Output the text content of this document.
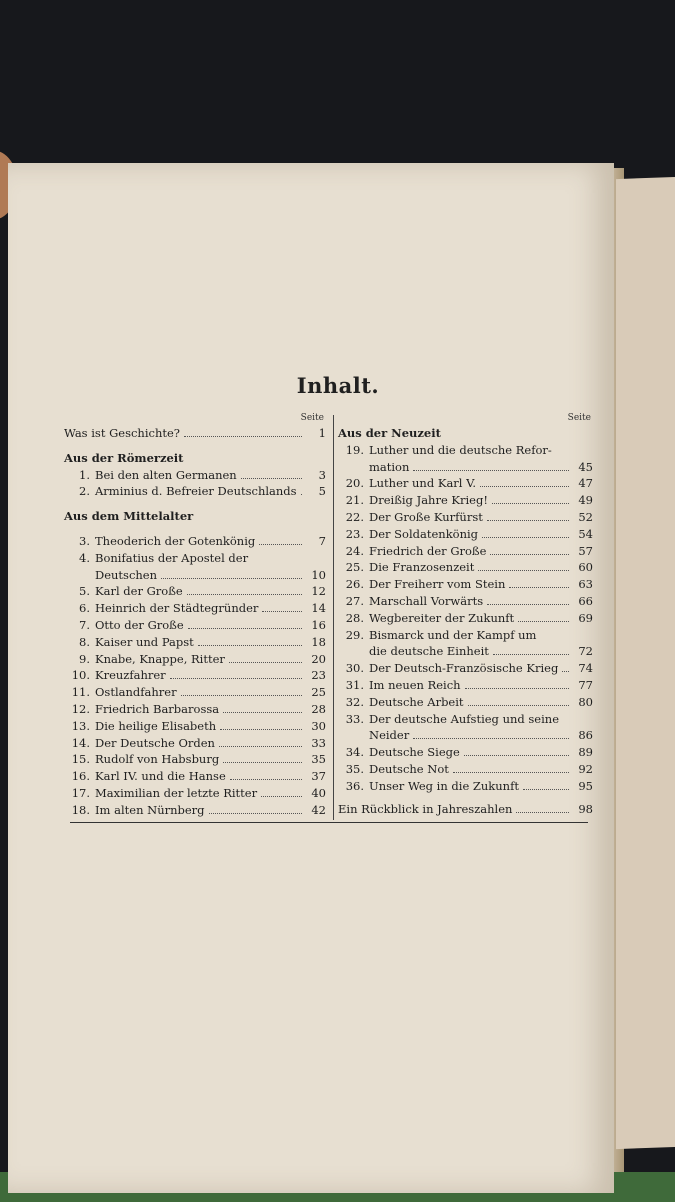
Inhalt.
Seite
Was ist Geschichte?	1
Aus der Römerzeit
1. Bei den alten Germanen	3
2. Arminius d. Befreier Deutschlands	5
Aus dem Mittelalter
3. Theoderich der Gotenkönig	7
4. Bonifatius der Apostel der
Deutschen	10
5. Karl der Große	12
6. Heinrich der Städtegründer	14
7. Otto der Große	16
8. Kaiser und Papst	18
9. Knabe, Knappe, Ritter	20
10. Kreuzfahrer	23
11. Ostlandfahrer	25
12. Friedrich Barbarossa	28
13. Die heilige Elisabeth	30
14. Der Deutsche Orden	33
15. Rudolf von Habsburg	35
16. Karl IV. und die Hanse	37
17. Maximilian der letzte Ritter	40
18. Im alten Nürnberg	42
Seite
Aus der Neuzeit
19. Luther und die deutsche Refor-
mation	45
20. Luther und Karl V.	47
21. Dreißig Jahre Krieg!	49
22. Der Große Kurfürst	52
23. Der Soldatenkönig	54
24. Friedrich der Große	57
25. Die Franzosenzeit	60
26. Der Freiherr vom Stein	63
27. Marschall Vorwärts	66
28. Wegbereiter der Zukunft	69
29. Bismarck und der Kampf um
die deutsche Einheit	72
30. Der Deutsch-Französische Krieg	74
31. Im neuen Reich	77
32. Deutsche Arbeit	80
33. Der deutsche Aufstieg und seine
Neider	86
34. Deutsche Siege	89
35. Deutsche Not	92
36. Unser Weg in die Zukunft	95
Ein Rückblick in Jahreszahlen	98
